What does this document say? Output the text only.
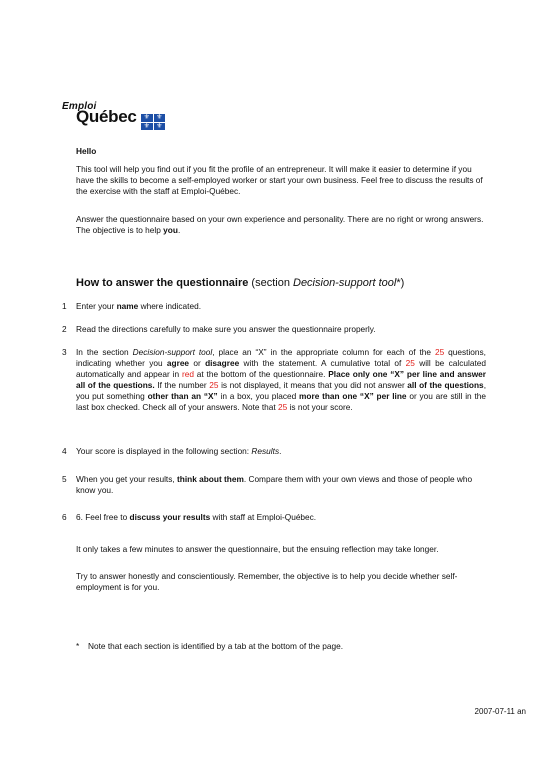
Emploi
Québec	⚜ ⚜
⚜ ⚜
Hello
This tool will help you find out if you fit the profile of an entrepreneur. It will make it easier to determine if you have the skills to become a self-employed worker or start your own business. Feel free to discuss the results of the exercise with the staff at Emploi-Québec.
Answer the questionnaire based on your own experience and personality. There are no right or wrong answers. The objective is to help you.
How to answer the questionnaire (section Decision-support tool*)
1 Enter your name where indicated.
2 Read the directions carefully to make sure you answer the questionnaire properly.
3 In the section Decision-support tool, place an “X” in the appropriate column for each of the 25 questions, indicating whether you agree or disagree with the statement. A cumulative total of 25 will be calculated automatically and appear in red at the bottom of the questionnaire. Place only one “X” per line and answer all of the questions. If the number 25 is not displayed, it means that you did not answer all of the questions, you put something other than an “X” in a box, you placed more than one “X” per line or you are still in the last box checked. Check all of your answers. Note that 25 is not your score.
4 Your score is displayed in the following section: Results.
5 When you get your results, think about them. Compare them with your own views and those of people who know you.
6 6. Feel free to discuss your results with staff at Emploi-Québec.
It only takes a few minutes to answer the questionnaire, but the ensuing reflection may take longer.
Try to answer honestly and conscientiously. Remember, the objective is to help you decide whether self-employment is for you.
* Note that each section is identified by a tab at the bottom of the page.
2007-07-11 an
